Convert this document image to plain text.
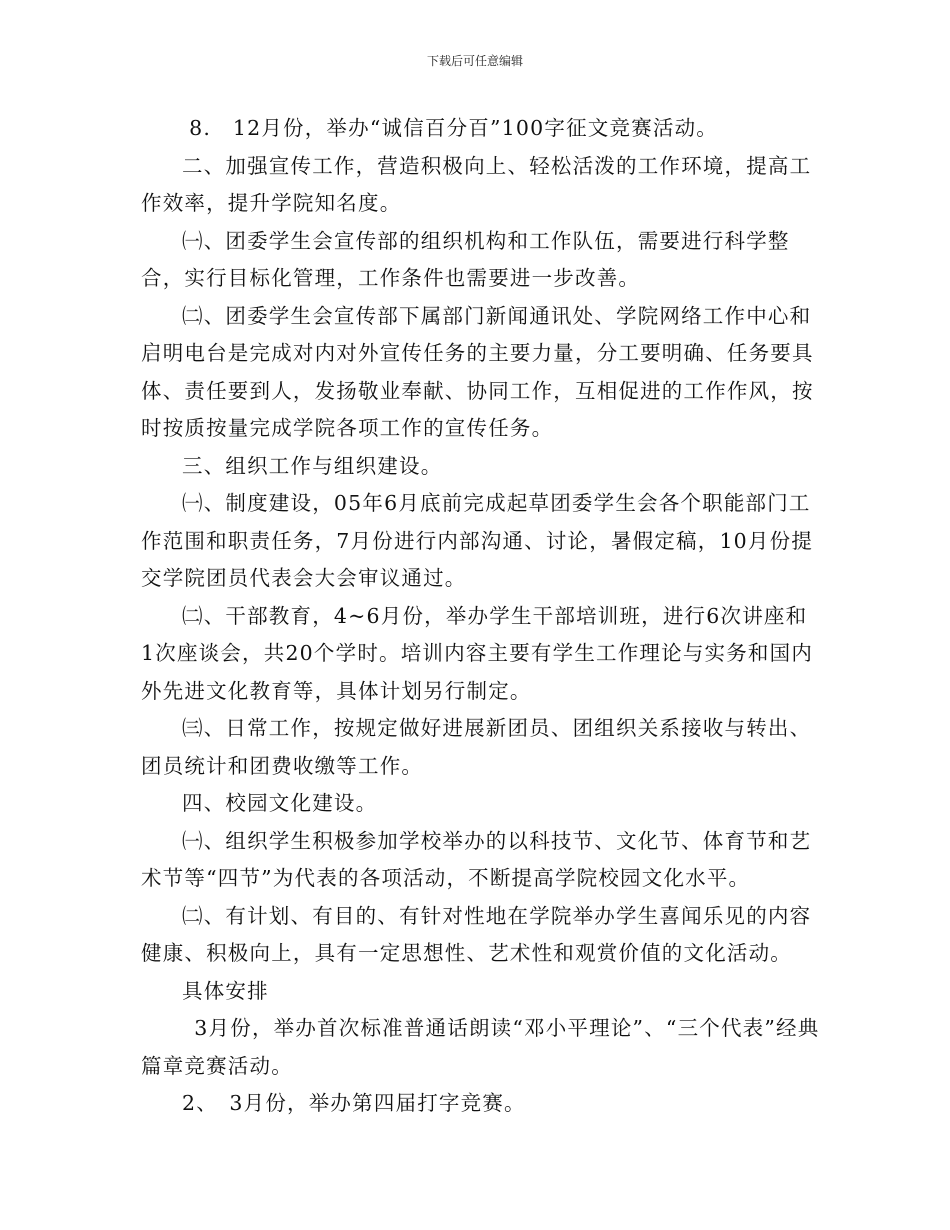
下载后可任意编辑

8.　12月份，举办“诚信百分百”100字征文竞赛活动。

二、加强宣传工作，营造积极向上、轻松活泼的工作环境，提高工作效率，提升学院知名度。

㈠、团委学生会宣传部的组织机构和工作队伍，需要进行科学整合，实行目标化管理，工作条件也需要进一步改善。

㈡、团委学生会宣传部下属部门新闻通讯处、学院网络工作中心和启明电台是完成对内对外宣传任务的主要力量，分工要明确、任务要具体、责任要到人，发扬敬业奉献、协同工作，互相促进的工作作风，按时按质按量完成学院各项工作的宣传任务。

三、组织工作与组织建设。

㈠、制度建设，05年6月底前完成起草团委学生会各个职能部门工作范围和职责任务，7月份进行内部沟通、讨论，暑假定稿，10月份提交学院团员代表会大会审议通过。

㈡、干部教育，4~6月份，举办学生干部培训班，进行6次讲座和1次座谈会，共20个学时。培训内容主要有学生工作理论与实务和国内外先进文化教育等，具体计划另行制定。

㈢、日常工作，按规定做好进展新团员、团组织关系接收与转出、团员统计和团费收缴等工作。

四、校园文化建设。

㈠、组织学生积极参加学校举办的以科技节、文化节、体育节和艺术节等“四节”为代表的各项活动，不断提高学院校园文化水平。

㈡、有计划、有目的、有针对性地在学院举办学生喜闻乐见的内容健康、积极向上，具有一定思想性、艺术性和观赏价值的文化活动。

具体安排

3月份，举办首次标准普通话朗读“邓小平理论”、“三个代表”经典篇章竞赛活动。

2、　3月份，举办第四届打字竞赛。
